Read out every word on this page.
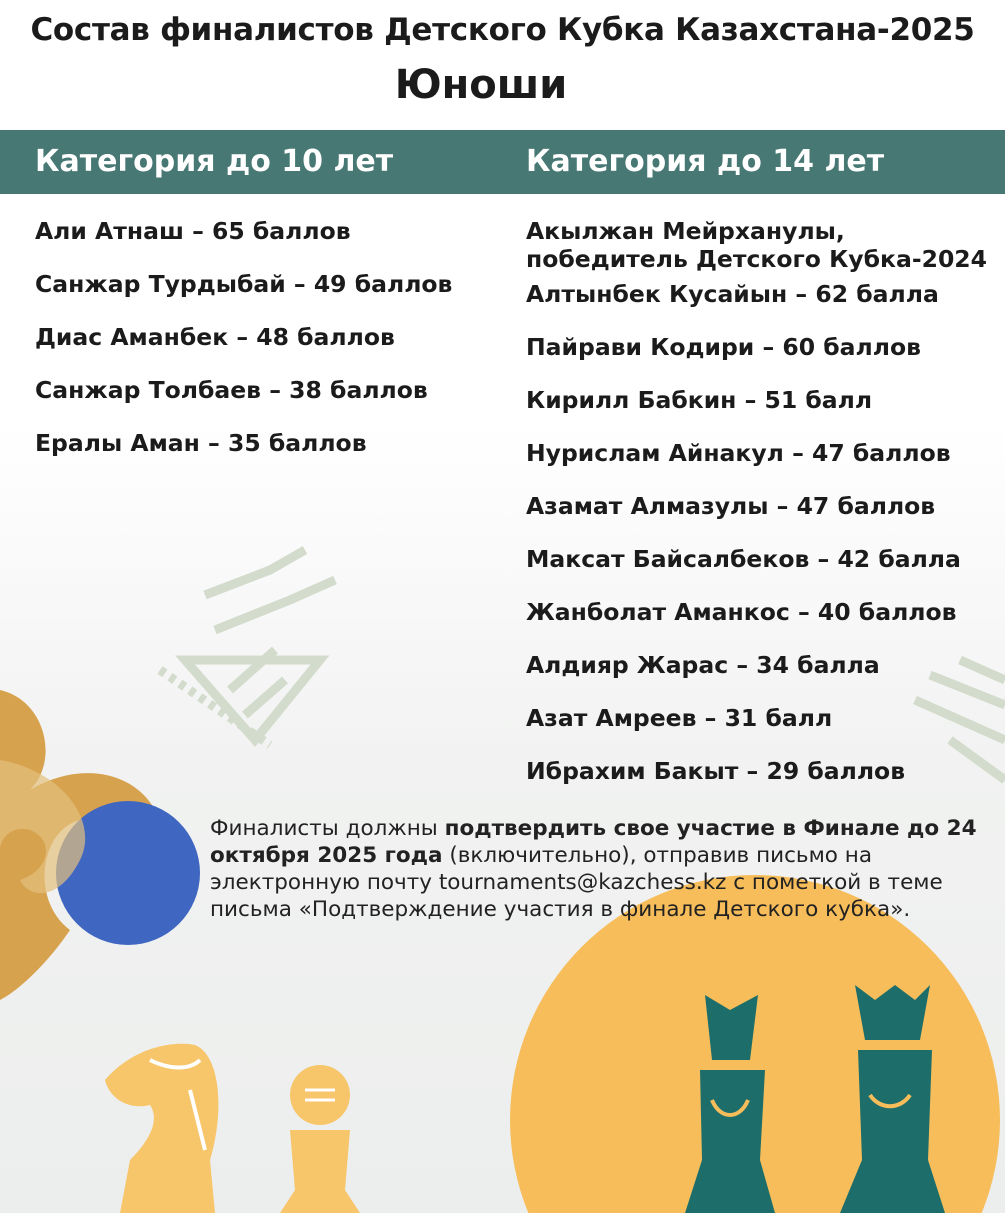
Состав финалистов Детского Кубка Казахстана-2025
Юноши
Категория до 10 лет	Категория до 14 лет
Али Атнаш – 65 баллов
Санжар Турдыбай – 49 баллов
Диас Аманбек – 48 баллов
Санжар Толбаев – 38 баллов
Ералы Аман – 35 баллов
Акылжан Мейрханулы,
победитель Детского Кубка-2024
Алтынбек Кусайын – 62 балла
Пайрави Кодири – 60 баллов
Кирилл Бабкин – 51 балл
Нурислам Айнакул – 47 баллов
Азамат Алмазулы – 47 баллов
Максат Байсалбеков – 42 балла
Жанболат Аманкос – 40 баллов
Алдияр Жарас – 34 балла
Азат Амреев – 31 балл
Ибрахим Бакыт – 29 баллов
Финалисты должны подтвердить свое участие в Финале до 24 октября 2025 года (включительно), отправив письмо на электронную почту tournaments@kazchess.kz с пометкой в теме письма «Подтверждение участия в финале Детского кубка».
